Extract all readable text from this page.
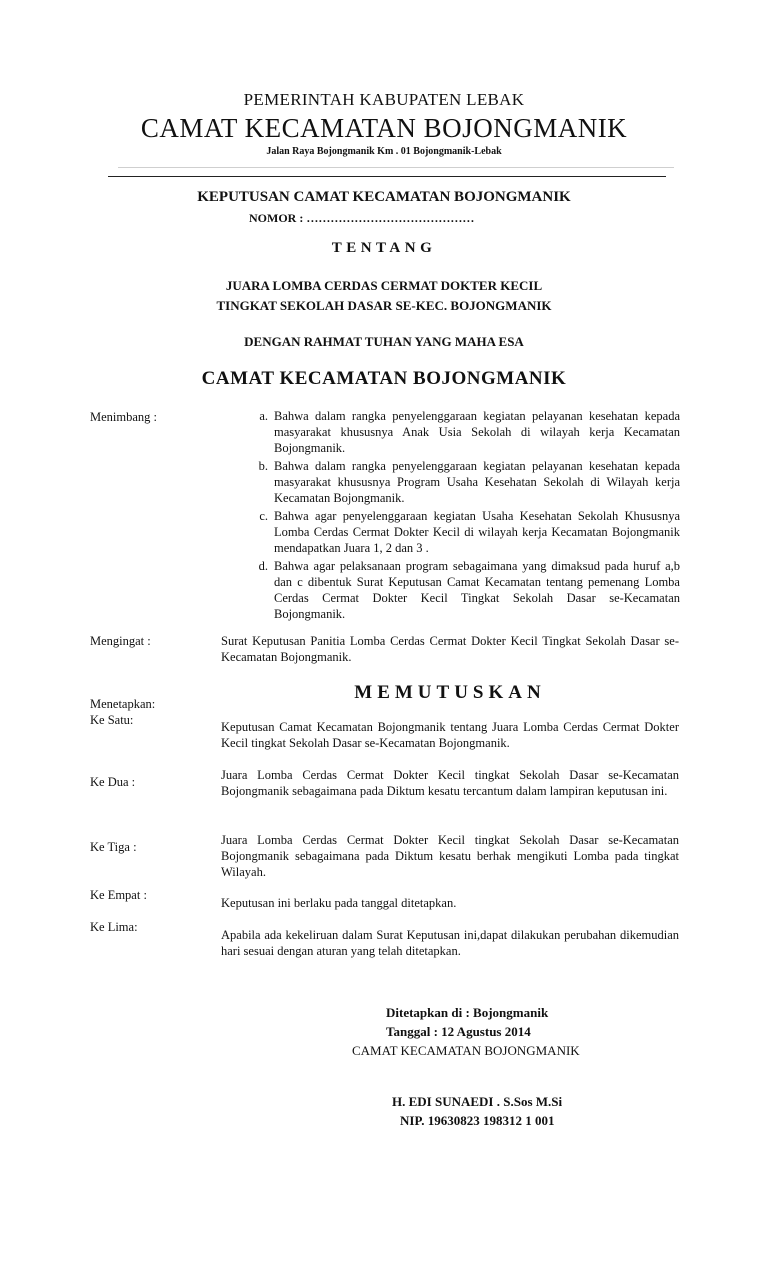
PEMERINTAH KABUPATEN LEBAK
CAMAT KECAMATAN BOJONGMANIK
Jalan Raya Bojongmanik Km . 01 Bojongmanik-Lebak
KEPUTUSAN CAMAT KECAMATAN BOJONGMANIK
NOMOR : ……………………………………
TENTANG
JUARA LOMBA CERDAS CERMAT DOKTER KECIL
TINGKAT SEKOLAH DASAR SE-KEC. BOJONGMANIK
DENGAN RAHMAT TUHAN YANG MAHA ESA
CAMAT KECAMATAN BOJONGMANIK
Menimbang :	a. Bahwa dalam rangka penyelenggaraan kegiatan pelayanan kesehatan kepada masyarakat khususnya Anak Usia Sekolah di wilayah kerja Kecamatan Bojongmanik.
b. Bahwa dalam rangka penyelenggaraan kegiatan pelayanan kesehatan kepada masyarakat khususnya Program Usaha Kesehatan Sekolah di Wilayah kerja Kecamatan Bojongmanik.
c. Bahwa agar penyelenggaraan kegiatan Usaha Kesehatan Sekolah Khususnya Lomba Cerdas Cermat Dokter Kecil di wilayah kerja Kecamatan Bojongmanik mendapatkan Juara 1, 2 dan 3 .
d. Bahwa agar pelaksanaan program sebagaimana yang dimaksud pada huruf a,b dan c dibentuk Surat Keputusan Camat Kecamatan tentang pemenang Lomba Cerdas Cermat Dokter Kecil Tingkat Sekolah Dasar se-Kecamatan Bojongmanik.
Mengingat :	Surat Keputusan Panitia Lomba Cerdas Cermat Dokter Kecil Tingkat Sekolah Dasar se-Kecamatan Bojongmanik.
MEMUTUSKAN
Menetapkan:
Ke Satu:	Keputusan Camat Kecamatan Bojongmanik tentang Juara Lomba Cerdas Cermat Dokter Kecil tingkat Sekolah Dasar se-Kecamatan Bojongmanik.
Ke Dua :	Juara Lomba Cerdas Cermat Dokter Kecil tingkat Sekolah Dasar se-Kecamatan Bojongmanik sebagaimana pada Diktum kesatu tercantum dalam lampiran keputusan ini.
Ke Tiga :	Juara Lomba Cerdas Cermat Dokter Kecil tingkat Sekolah Dasar se-Kecamatan Bojongmanik sebagaimana pada Diktum kesatu berhak mengikuti Lomba pada tingkat Wilayah.
Ke Empat :
Keputusan ini berlaku pada tanggal ditetapkan.
Ke Lima:
Apabila ada kekeliruan dalam Surat Keputusan ini,dapat dilakukan perubahan dikemudian hari sesuai dengan aturan yang telah ditetapkan.
Ditetapkan di : Bojongmanik
Tanggal : 12 Agustus 2014
CAMAT KECAMATAN BOJONGMANIK
H. EDI SUNAEDI . S.Sos M.Si
NIP. 19630823 198312 1 001
